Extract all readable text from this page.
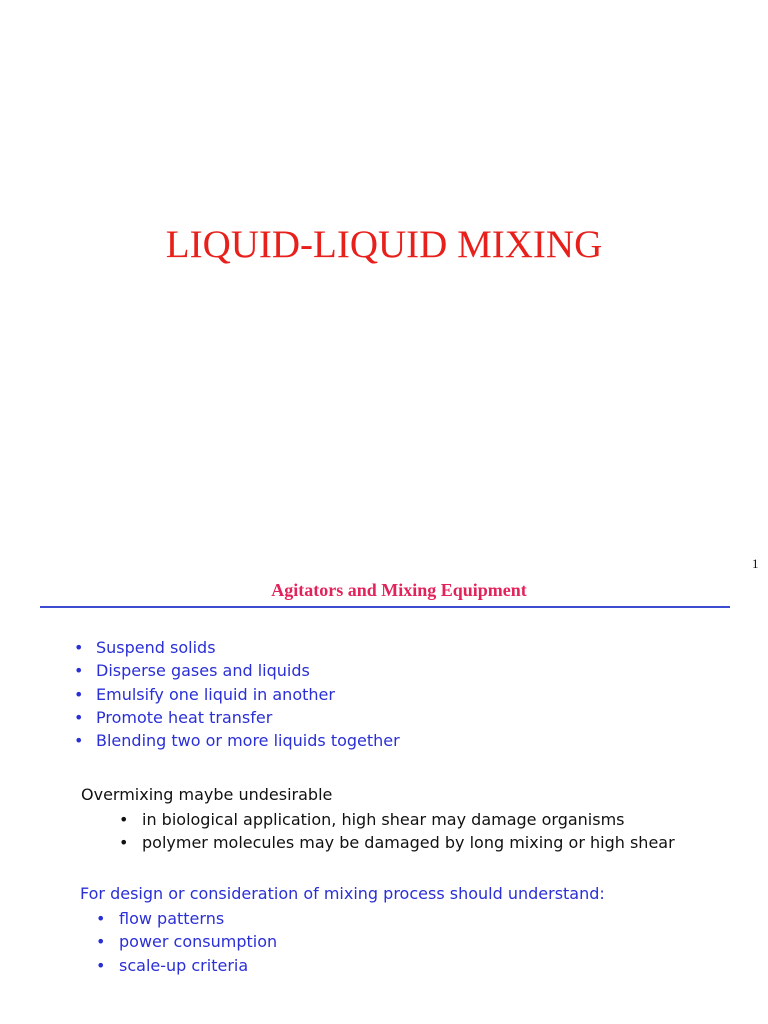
LIQUID-LIQUID MIXING
1
Agitators and Mixing Equipment
• Suspend solids
• Disperse gases and liquids
• Emulsify one liquid in another
• Promote heat transfer
• Blending two or more liquids together

Overmixing maybe undesirable

• in biological application, high shear may damage organisms
• polymer molecules may be damaged by long mixing or high shear

For design or consideration of mixing process should understand:

• flow patterns
• power consumption
• scale-up criteria
